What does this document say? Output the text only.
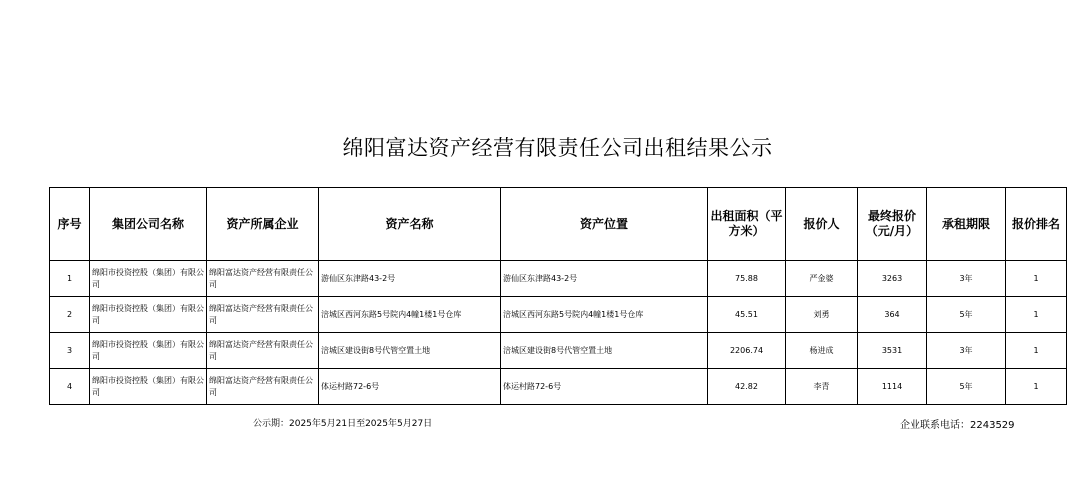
绵阳富达资产经营有限责任公司出租结果公示
序号	集团公司名称	资产所属企业	资产名称	资产位置	出租面积（平方米）	报价人	最终报价（元/月）	承租期限	报价排名
1	绵阳市投资控股（集团）有限公司	绵阳富达资产经营有限责任公司	游仙区东津路43-2号	游仙区东津路43-2号	75.88	严金婆	3263	3年	1
2	绵阳市投资控股（集团）有限公司	绵阳富达资产经营有限责任公司	涪城区西河东路5号院内4幢1楼1号仓库	涪城区西河东路5号院内4幢1楼1号仓库	45.51	刘勇	364	5年	1
3	绵阳市投资控股（集团）有限公司	绵阳富达资产经营有限责任公司	涪城区建设街8号代管空置土地	涪城区建设街8号代管空置土地	2206.74	杨进成	3531	3年	1
4	绵阳市投资控股（集团）有限公司	绵阳富达资产经营有限责任公司	体运村路72-6号	体运村路72-6号	42.82	李青	1114	5年	1
公示期：2025年5月21日至2025年5月27日	企业联系电话：2243529
